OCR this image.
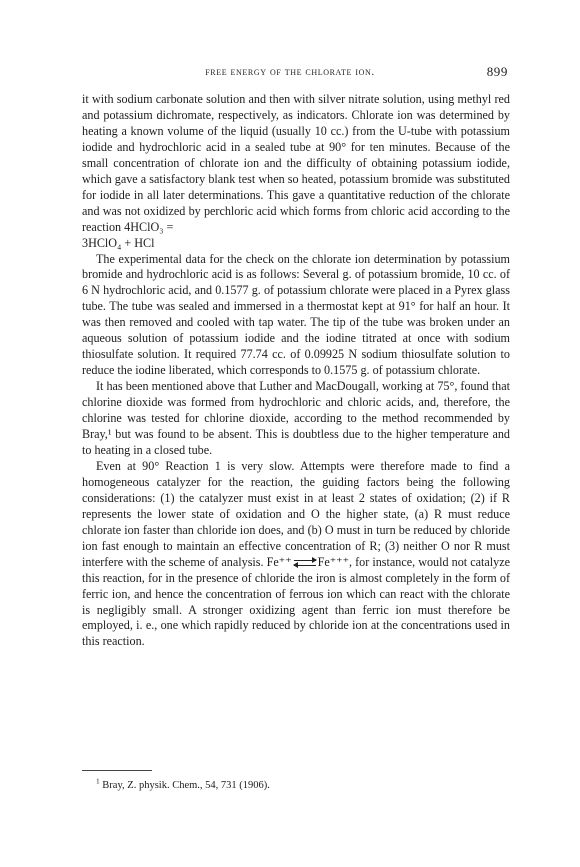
free energy of the chlorate ion.	899

it with sodium carbonate solution and then with silver nitrate solution, using methyl red and potassium dichromate, respectively, as indicators. Chlorate ion was determined by heating a known volume of the liquid (usually 10 cc.) from the U-tube with potassium iodide and hydrochloric acid in a sealed tube at 90° for ten minutes. Because of the small concentration of chlorate ion and the difficulty of obtaining potassium iodide, which gave a satisfactory blank test when so heated, potassium bromide was substituted for iodide in all later determinations. This gave a quantitative reduction of the chlorate and was not oxidized by perchloric acid which forms from chloric acid according to the reaction 4HClO₃ =
3HClO₄ + HCl

The experimental data for the check on the chlorate ion determination by potassium bromide and hydrochloric acid is as follows: Several g. of potassium bromide, 10 cc. of 6 N hydrochloric acid, and 0.1577 g. of potassium chlorate were placed in a Pyrex glass tube. The tube was sealed and immersed in a thermostat kept at 91° for half an hour. It was then removed and cooled with tap water. The tip of the tube was broken under an aqueous solution of potassium iodide and the iodine titrated at once with sodium thiosulfate solution. It required 77.74 cc. of 0.09925 N sodium thiosulfate solution to reduce the iodine liberated, which corresponds to 0.1575 g. of potassium chlorate.

It has been mentioned above that Luther and MacDougall, working at 75°, found that chlorine dioxide was formed from hydrochloric and chloric acids, and, therefore, the chlorine was tested for chlorine dioxide, according to the method recommended by Bray,¹ but was found to be absent. This is doubtless due to the higher temperature and to heating in a closed tube.

Even at 90° Reaction 1 is very slow. Attempts were therefore made to find a homogeneous catalyzer for the reaction, the guiding factors being the following considerations: (1) the catalyzer must exist in at least 2 states of oxidation; (2) if R represents the lower state of oxidation and O the higher state, (a) R must reduce chlorate ion faster than chloride ion does, and (b) O must in turn be reduced by chloride ion fast enough to maintain an effective concentration of R; (3) neither O nor R must interfere with the scheme of analysis. Fe⁺⁺ Fe⁺⁺⁺, for instance, would not catalyze this reaction, for in the presence of chloride the iron is almost completely in the form of ferric ion, and hence the concentration of ferrous ion which can react with the chlorate is negligibly small. A stronger oxidizing agent than ferric ion must therefore be employed, i. e., one which rapidly reduced by chloride ion at the concentrations used in this reaction.

$^1$ Bray, Z. physik. Chem., 54, 731 (1906).
